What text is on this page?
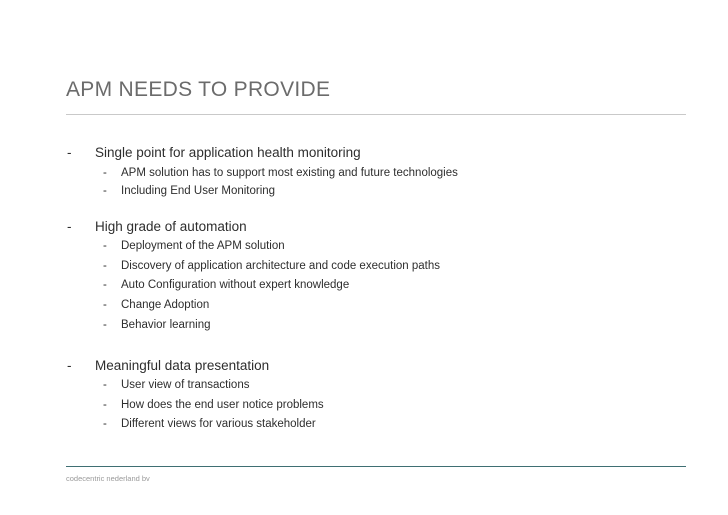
APM NEEDS TO PROVIDE
- Single point for application health monitoring
- APM solution has to support most existing and future technologies
- Including End User Monitoring
- High grade of automation
- Deployment of the APM solution
- Discovery of application architecture and code execution paths
- Auto Configuration without expert knowledge
- Change Adoption
- Behavior learning
- Meaningful data presentation
- User view of transactions
- How does the end user notice problems
- Different views for various stakeholder
codecentric nederland bv
